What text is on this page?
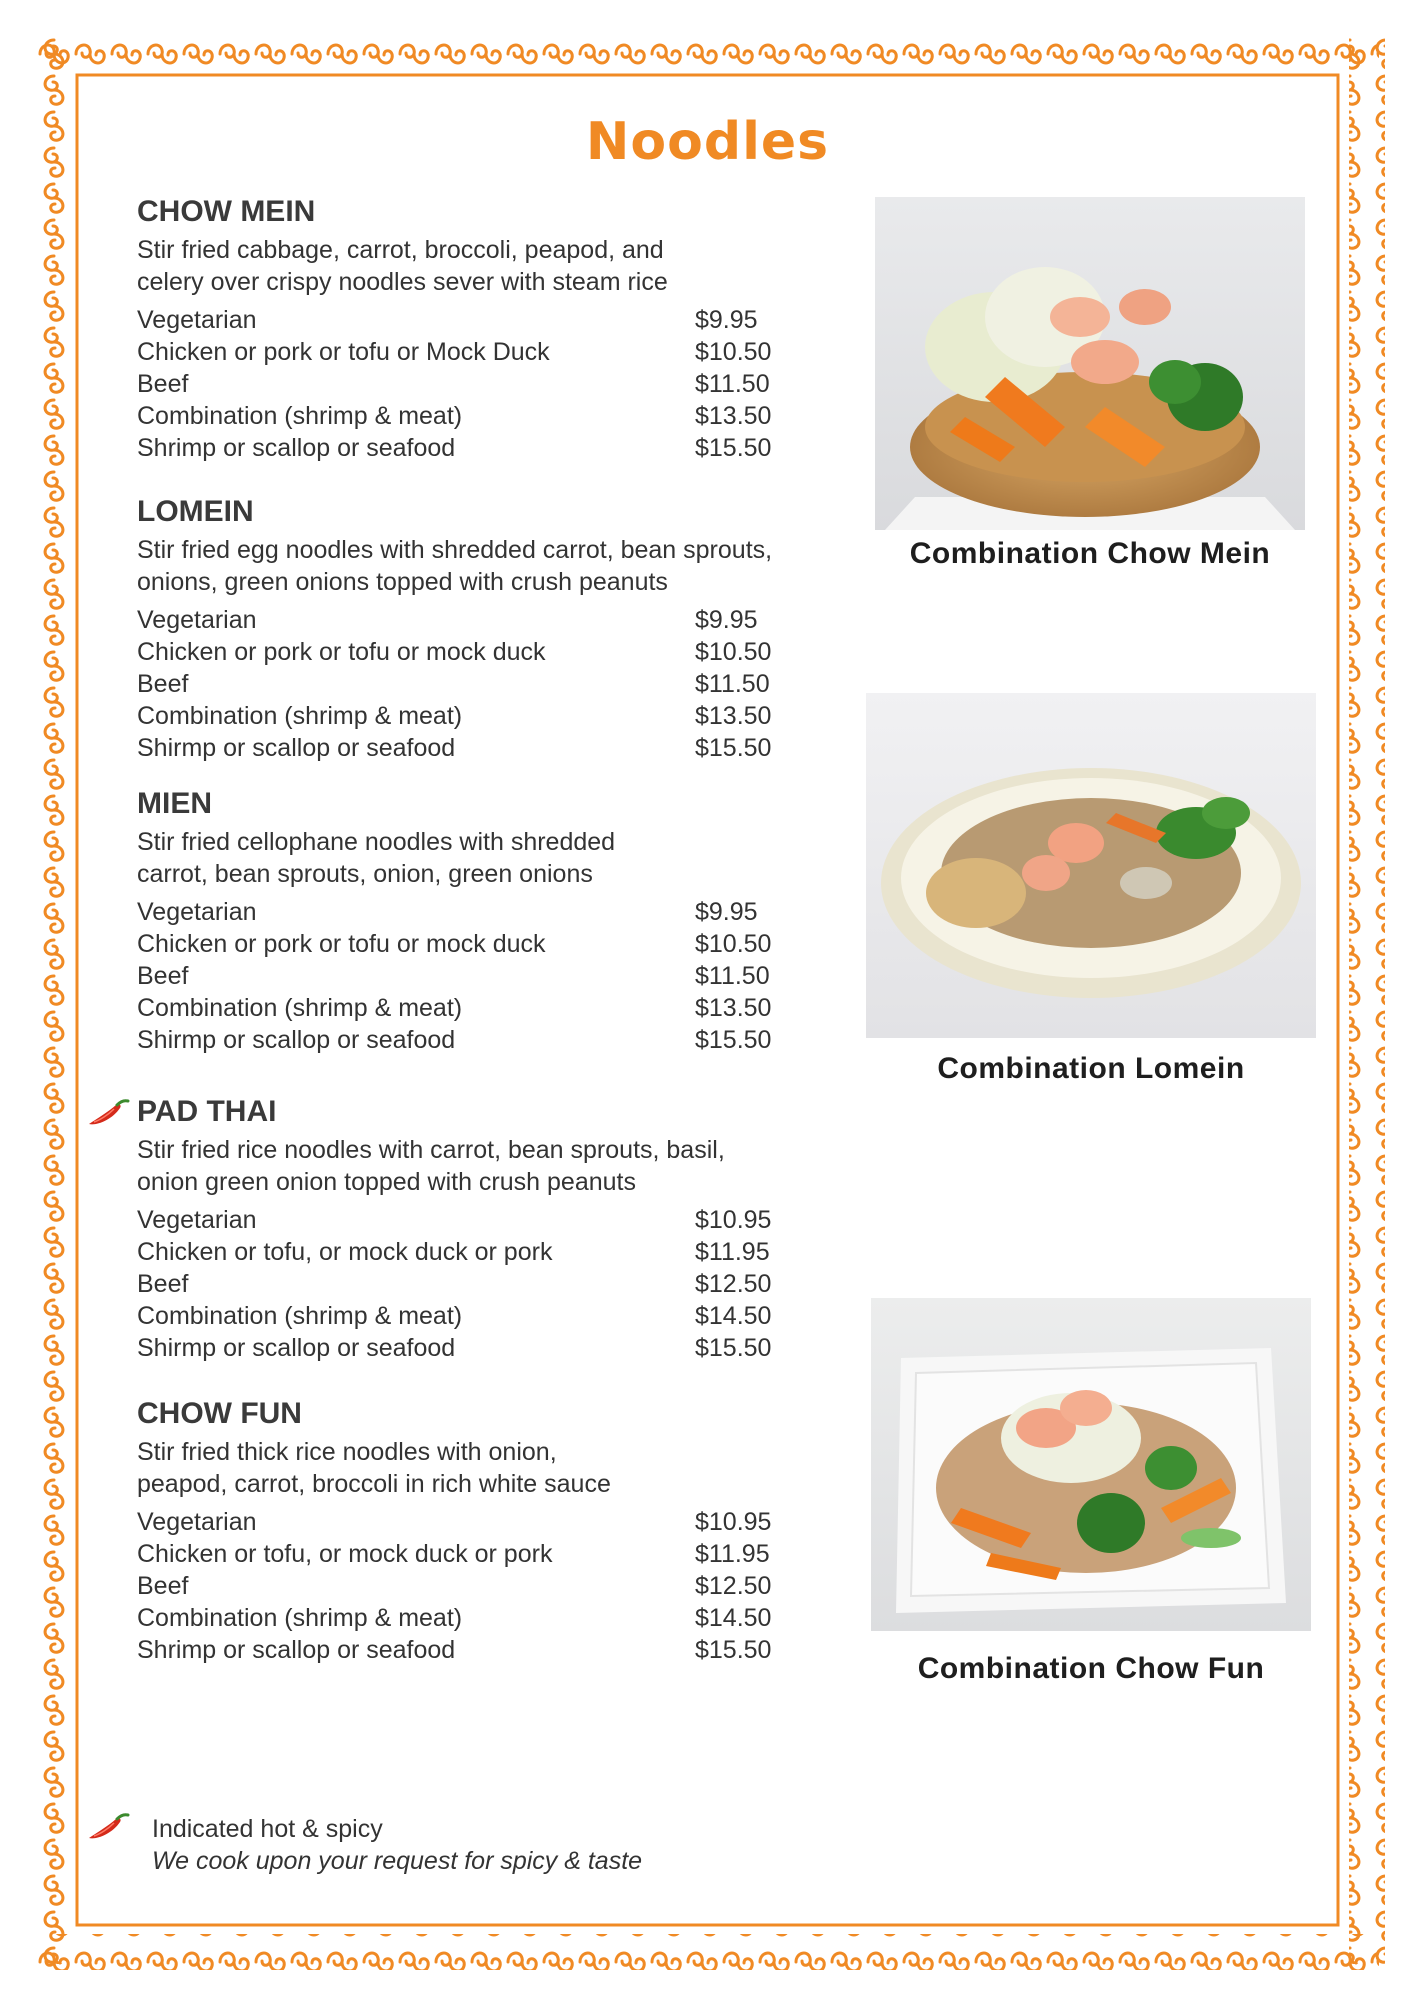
Noodles
CHOW MEIN
Stir fried cabbage, carrot, broccoli, peapod, and
celery over crispy noodles sever with steam rice
Vegetarian	$9.95
Chicken or pork or tofu or Mock Duck	$10.50
Beef	$11.50
Combination (shrimp & meat)	$13.50
Shrimp or scallop or seafood	$15.50
LOMEIN
Stir fried egg noodles with shredded carrot, bean sprouts,
onions, green onions topped with crush peanuts
Vegetarian	$9.95
Chicken or pork or tofu or mock duck	$10.50
Beef	$11.50
Combination (shrimp & meat)	$13.50
Shirmp or scallop or seafood	$15.50
MIEN
Stir fried cellophane noodles with shredded
carrot, bean sprouts, onion, green onions
Vegetarian	$9.95
Chicken or pork or tofu or mock duck	$10.50
Beef	$11.50
Combination (shrimp & meat)	$13.50
Shirmp or scallop or seafood	$15.50
PAD THAI
Stir fried rice noodles with carrot, bean sprouts, basil,
onion green onion topped with crush peanuts
Vegetarian	$10.95
Chicken or tofu, or mock duck or pork	$11.95
Beef	$12.50
Combination (shrimp & meat)	$14.50
Shirmp or scallop or seafood	$15.50
CHOW FUN
Stir fried thick rice noodles with onion,
peapod, carrot, broccoli in rich white sauce
Vegetarian	$10.95
Chicken or tofu, or mock duck or pork	$11.95
Beef	$12.50
Combination (shrimp & meat)	$14.50
Shrimp or scallop or seafood	$15.50
Combination Chow Mein
Combination Lomein
Combination Chow Fun
Indicated hot & spicy
We cook upon your request for spicy & taste
